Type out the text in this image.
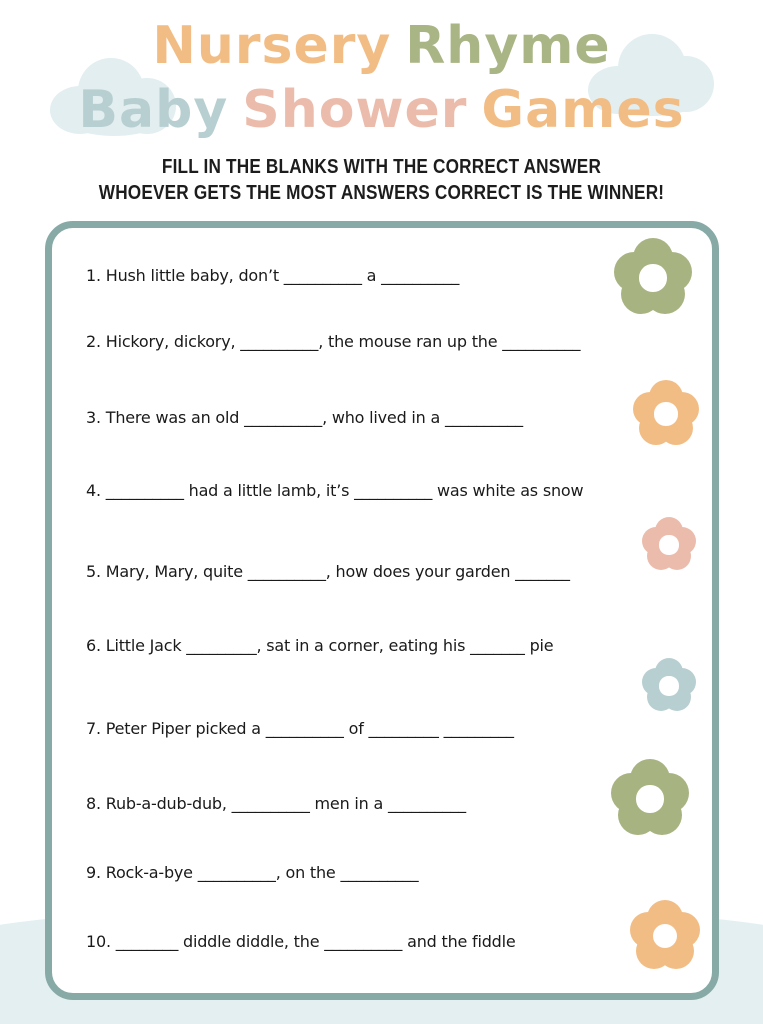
Nursery Rhyme
Baby Shower Games
FILL IN THE BLANKS WITH THE CORRECT ANSWER
WHOEVER GETS THE MOST ANSWERS CORRECT IS THE WINNER!
1. Hush little baby, don’t __________ a __________
2. Hickory, dickory, __________, the mouse ran up the __________
3. There was an old __________, who lived in a __________
4. __________ had a little lamb, it’s __________ was white as snow
5. Mary, Mary, quite __________, how does your garden _______
6. Little Jack _________, sat in a corner, eating his _______ pie
7. Peter Piper picked a __________ of _________ _________
8. Rub-a-dub-dub, __________ men in a __________
9. Rock-a-bye __________, on the __________
10. ________ diddle diddle, the __________ and the fiddle
